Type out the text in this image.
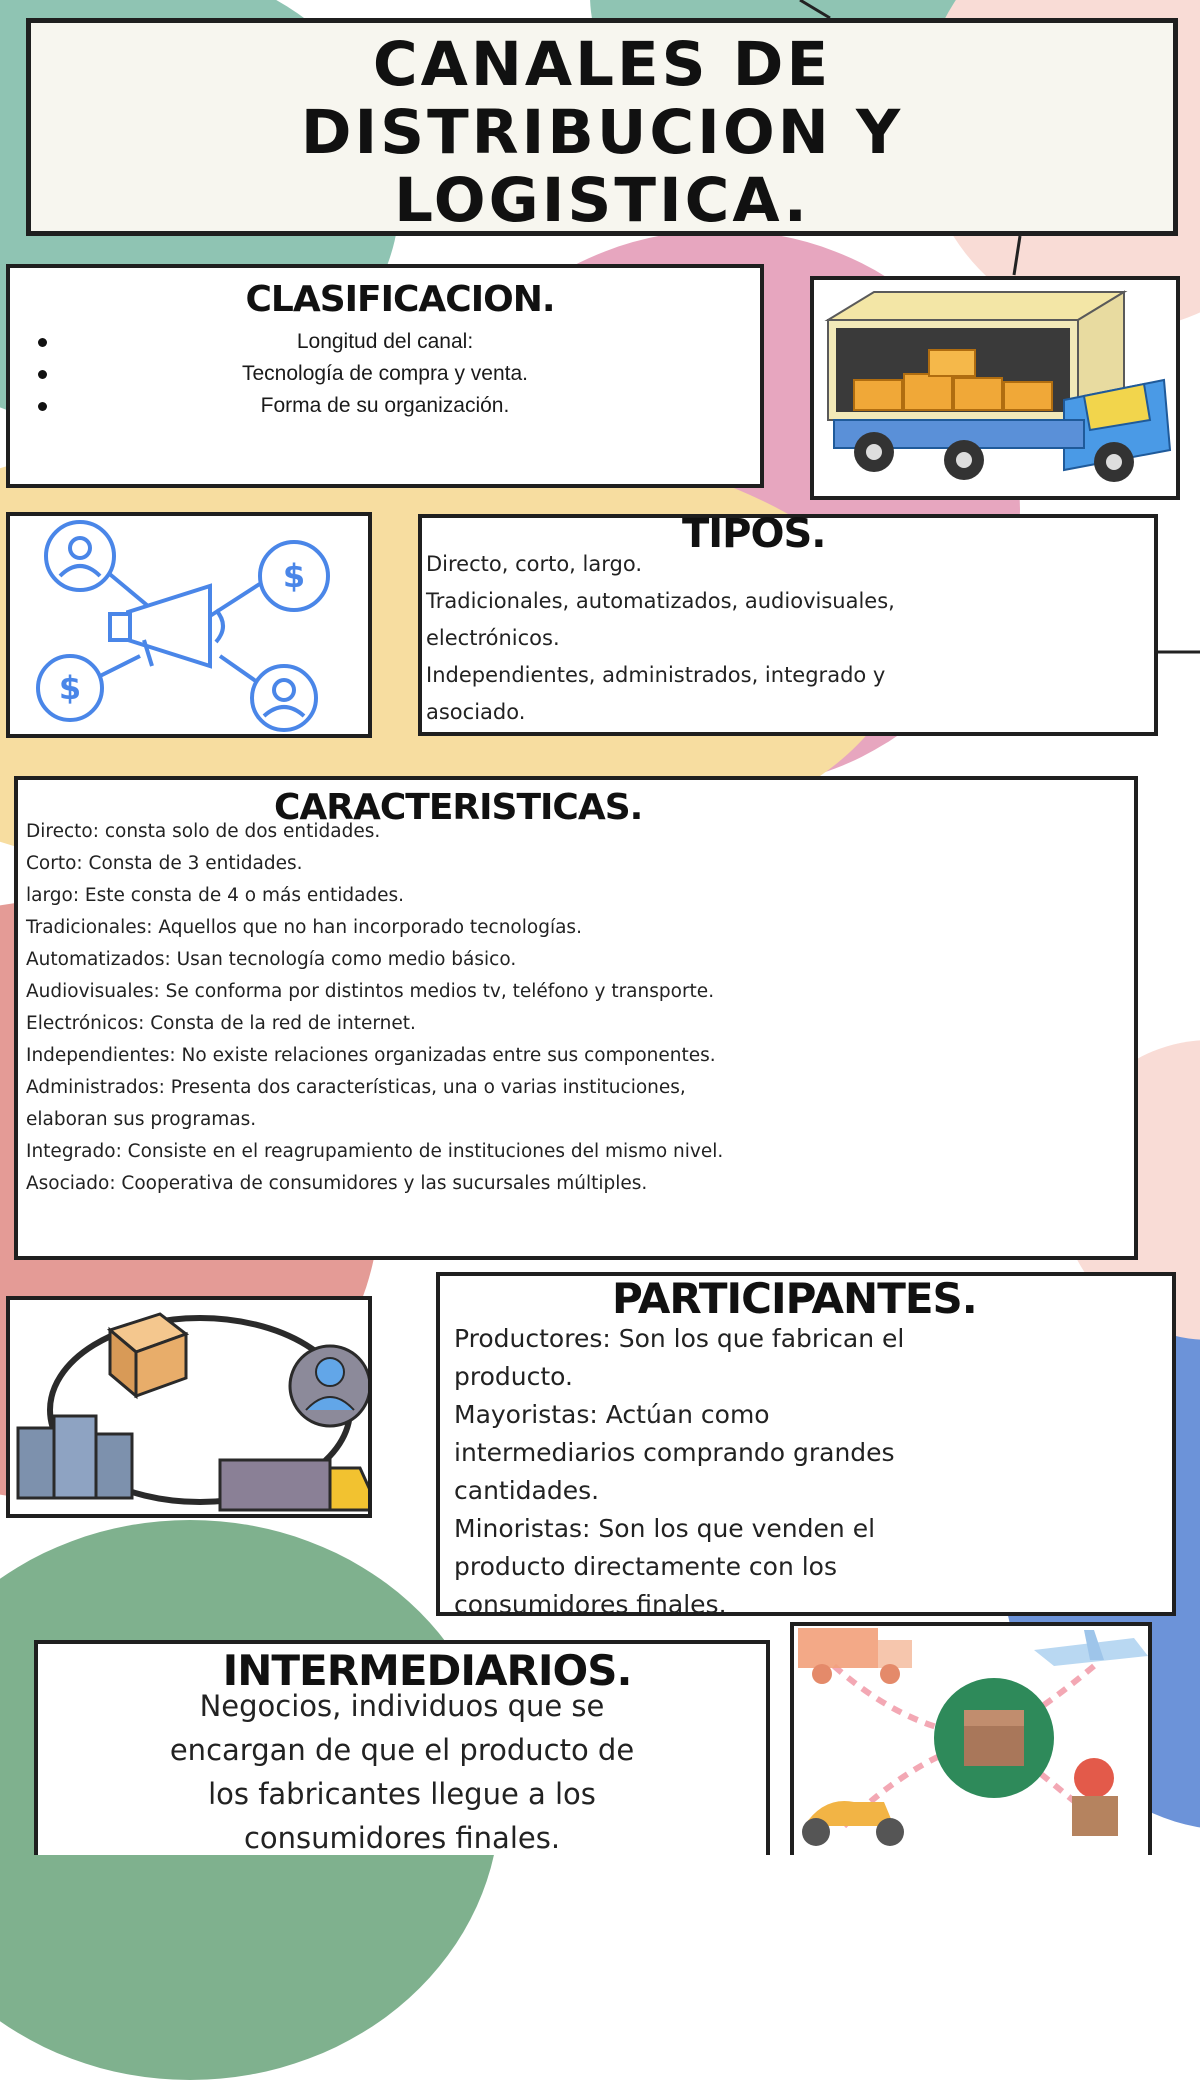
CANALES DE
DISTRIBUCION Y
LOGISTICA.
CLASIFICACION.
Longitud del canal:
Tecnología de compra y venta.
Forma de su organización.
$
$
TIPOS.

Directo, corto, largo.

Tradicionales, automatizados, audiovisuales,

electrónicos.

Independientes, administrados, integrado y

asociado.

CARACTERISTICAS.

Directo: consta solo de dos entidades.

Corto: Consta de 3 entidades.

largo: Este consta de 4 o más entidades.

Tradicionales: Aquellos que no han incorporado tecnologías.

Automatizados: Usan tecnología como medio básico.

Audiovisuales: Se conforma por distintos medios tv, teléfono y transporte.

Electrónicos: Consta de la red de internet.

Independientes: No existe relaciones organizadas entre sus componentes.

Administrados: Presenta dos características, una o varias instituciones,

elaboran sus programas.

Integrado: Consiste en el reagrupamiento de instituciones del mismo nivel.

Asociado: Cooperativa de consumidores y las sucursales múltiples.

PARTICIPANTES.

Productores: Son los que fabrican el

producto.

Mayoristas: Actúan como

intermediarios comprando grandes

cantidades.

Minoristas: Son los que venden el

producto directamente con los

consumidores finales.

INTERMEDIARIOS.

Negocios, individuos que se

encargan de que el producto de

los fabricantes llegue a los

consumidores finales.
